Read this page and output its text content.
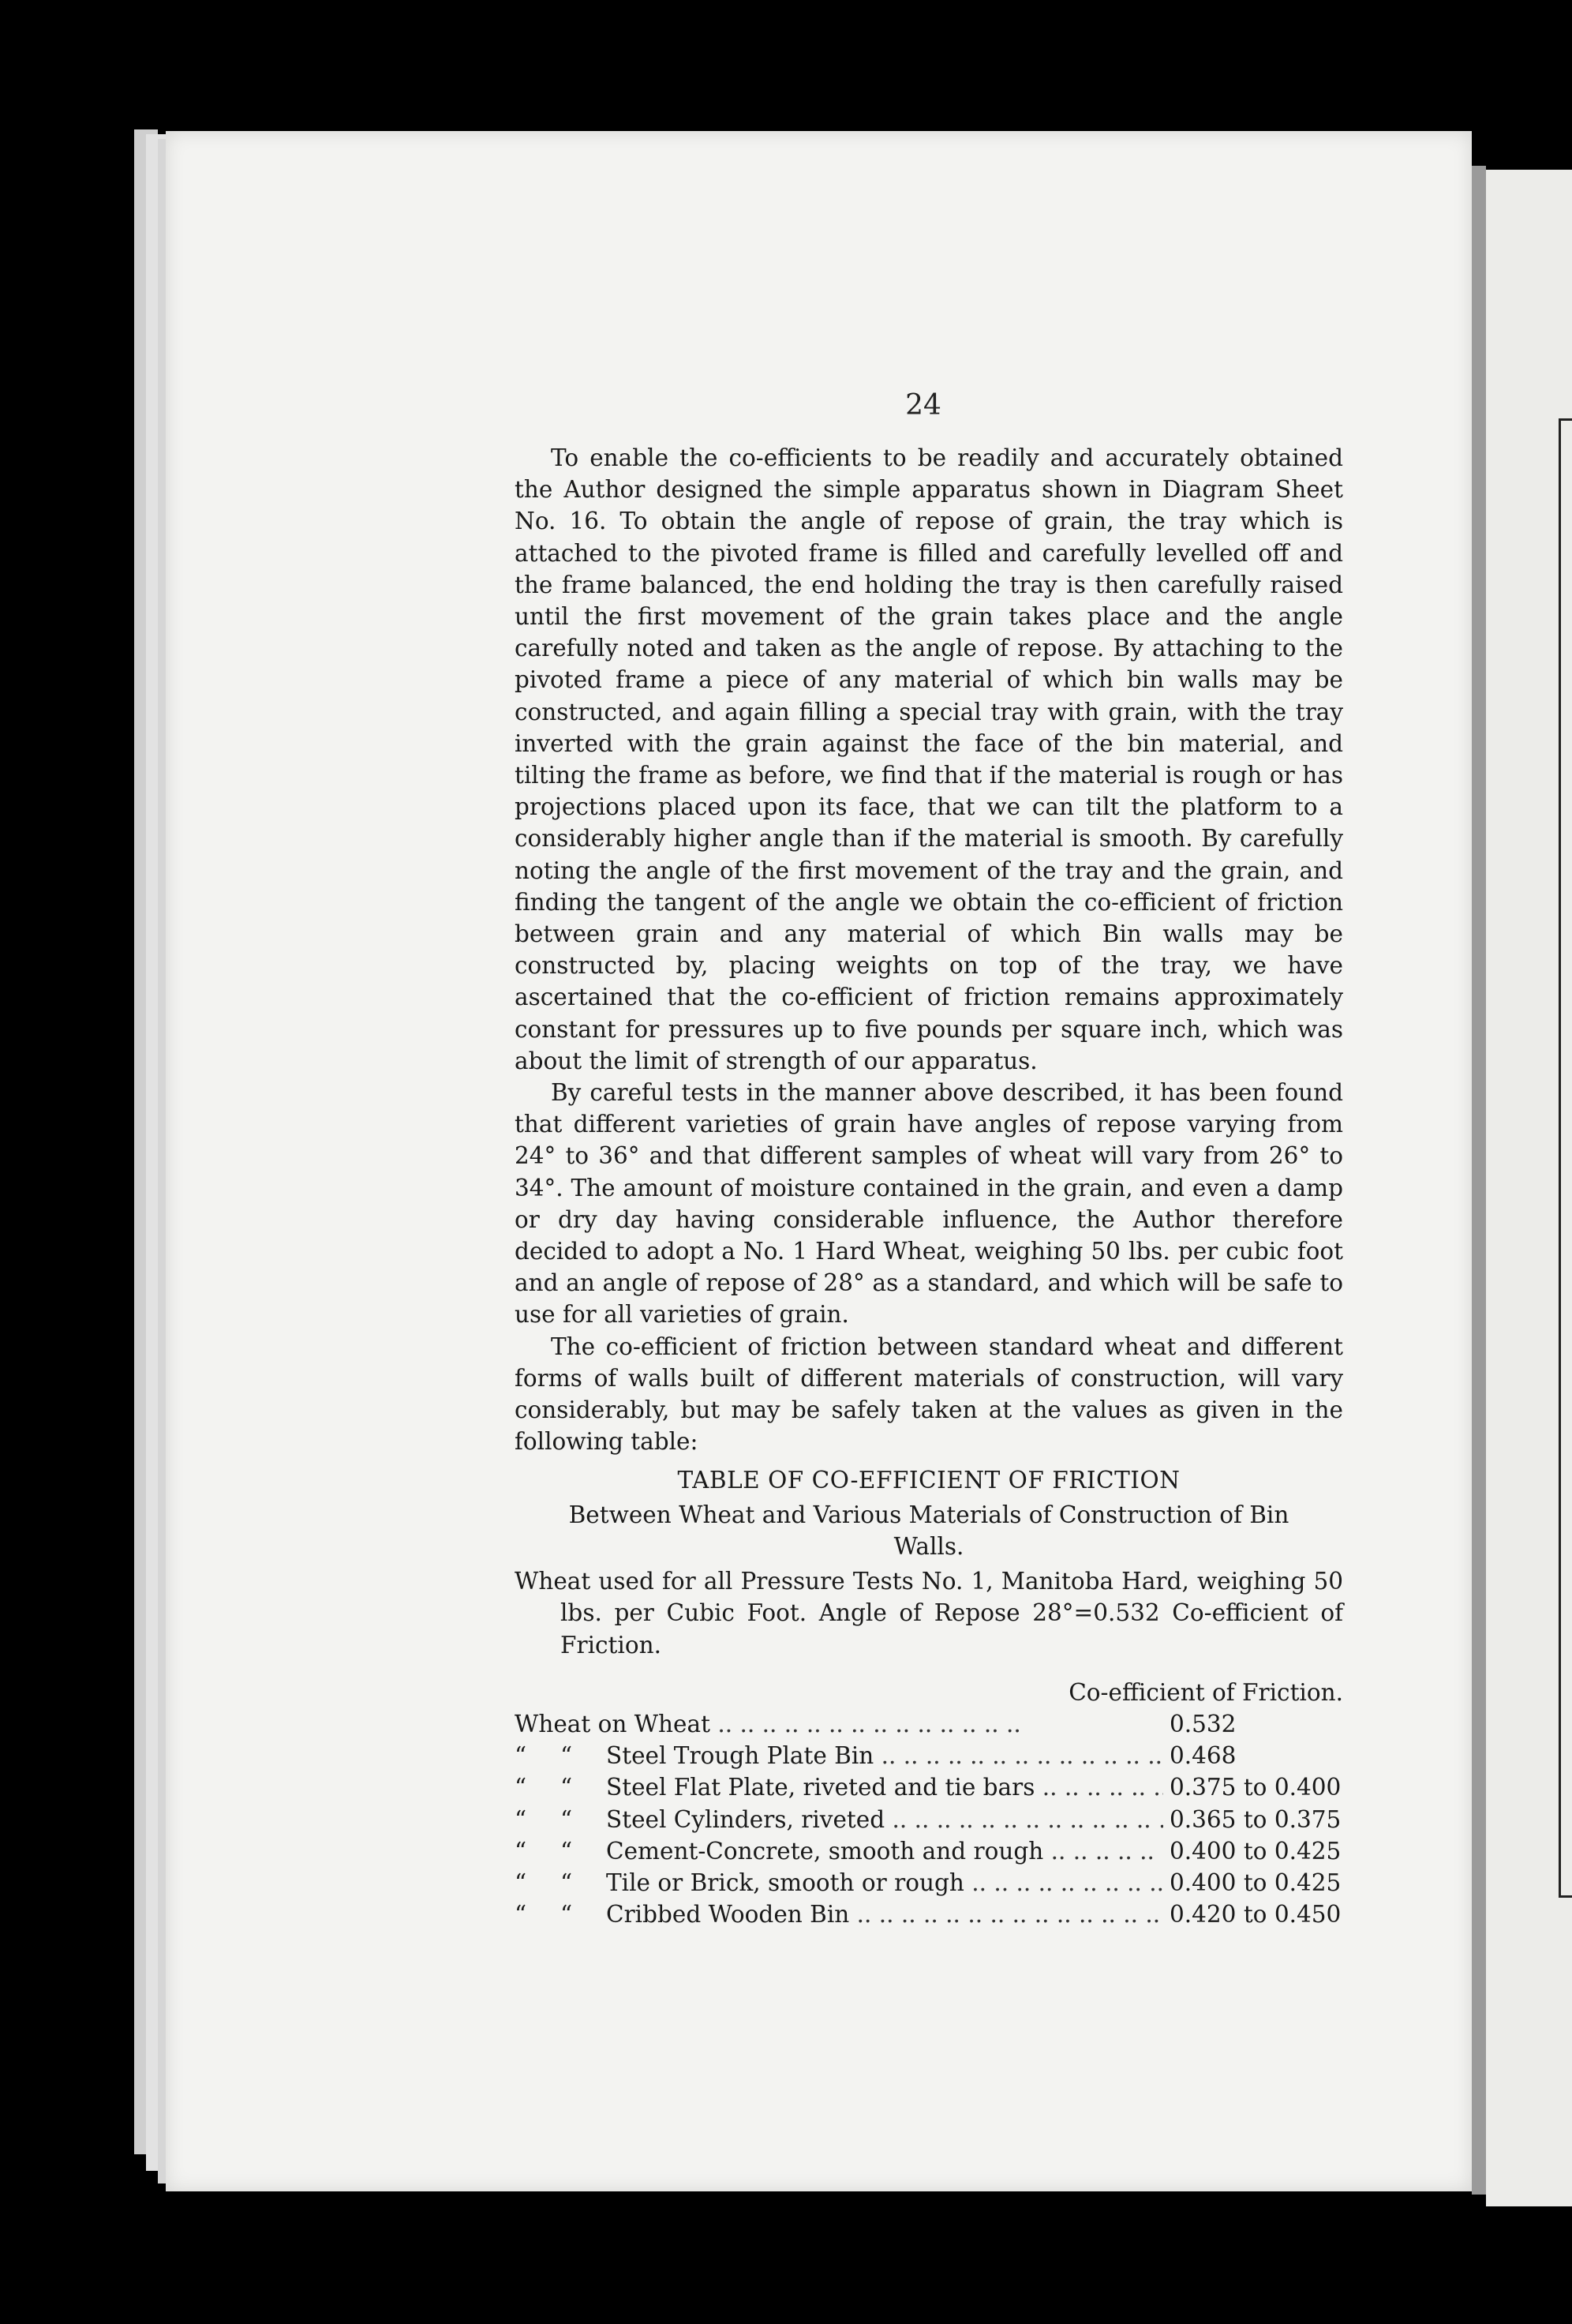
24

To enable the co-efficients to be readily and accurately obtained the Author designed the simple apparatus shown in Diagram Sheet No. 16. To obtain the angle of repose of grain, the tray which is attached to the pivoted frame is filled and carefully levelled off and the frame balanced, the end holding the tray is then carefully raised until the first movement of the grain takes place and the angle carefully noted and taken as the angle of repose. By attaching to the pivoted frame a piece of any material of which bin walls may be constructed, and again filling a special tray with grain, with the tray inverted with the grain against the face of the bin material, and tilting the frame as before, we find that if the material is rough or has projections placed upon its face, that we can tilt the platform to a considerably higher angle than if the material is smooth. By carefully noting the angle of the first movement of the tray and the grain, and finding the tangent of the angle we obtain the co-efficient of friction between grain and any material of which Bin walls may be constructed by, placing weights on top of the tray, we have ascertained that the co-efficient of friction remains approximately constant for pressures up to five pounds per square inch, which was about the limit of strength of our apparatus.

By careful tests in the manner above described, it has been found that different varieties of grain have angles of repose varying from 24° to 36° and that different samples of wheat will vary from 26° to 34°. The amount of moisture contained in the grain, and even a damp or dry day having considerable influence, the Author therefore decided to adopt a No. 1 Hard Wheat, weighing 50 lbs. per cubic foot and an angle of repose of 28° as a standard, and which will be safe to use for all varieties of grain.

The co-efficient of friction between standard wheat and different forms of walls built of different materials of construction, will vary considerably, but may be safely taken at the values as given in the following table:

TABLE OF CO-EFFICIENT OF FRICTION

Between Wheat and Various Materials of Construction of Bin Walls.

Wheat used for all Pressure Tests No. 1, Manitoba Hard, weighing 50 lbs. per Cubic Foot. Angle of Repose 28°=0.532 Co-efficient of Friction.

Co-efficient of Friction.

Wheat on Wheat .. ..	0.532
“	“	Steel Trough Plate Bin .. ..	0.468
“	“	Steel Flat Plate, riveted and tie bars .. ..	0.375 to 0.400
“	“	Steel Cylinders, riveted .. ..	0.365 to 0.375
“	“	Cement-Concrete, smooth and rough .. ..	0.400 to 0.425
“	“	Tile or Brick, smooth or rough .. ..	0.400 to 0.425
“	“	Cribbed Wooden Bin .. ..	0.420 to 0.450
